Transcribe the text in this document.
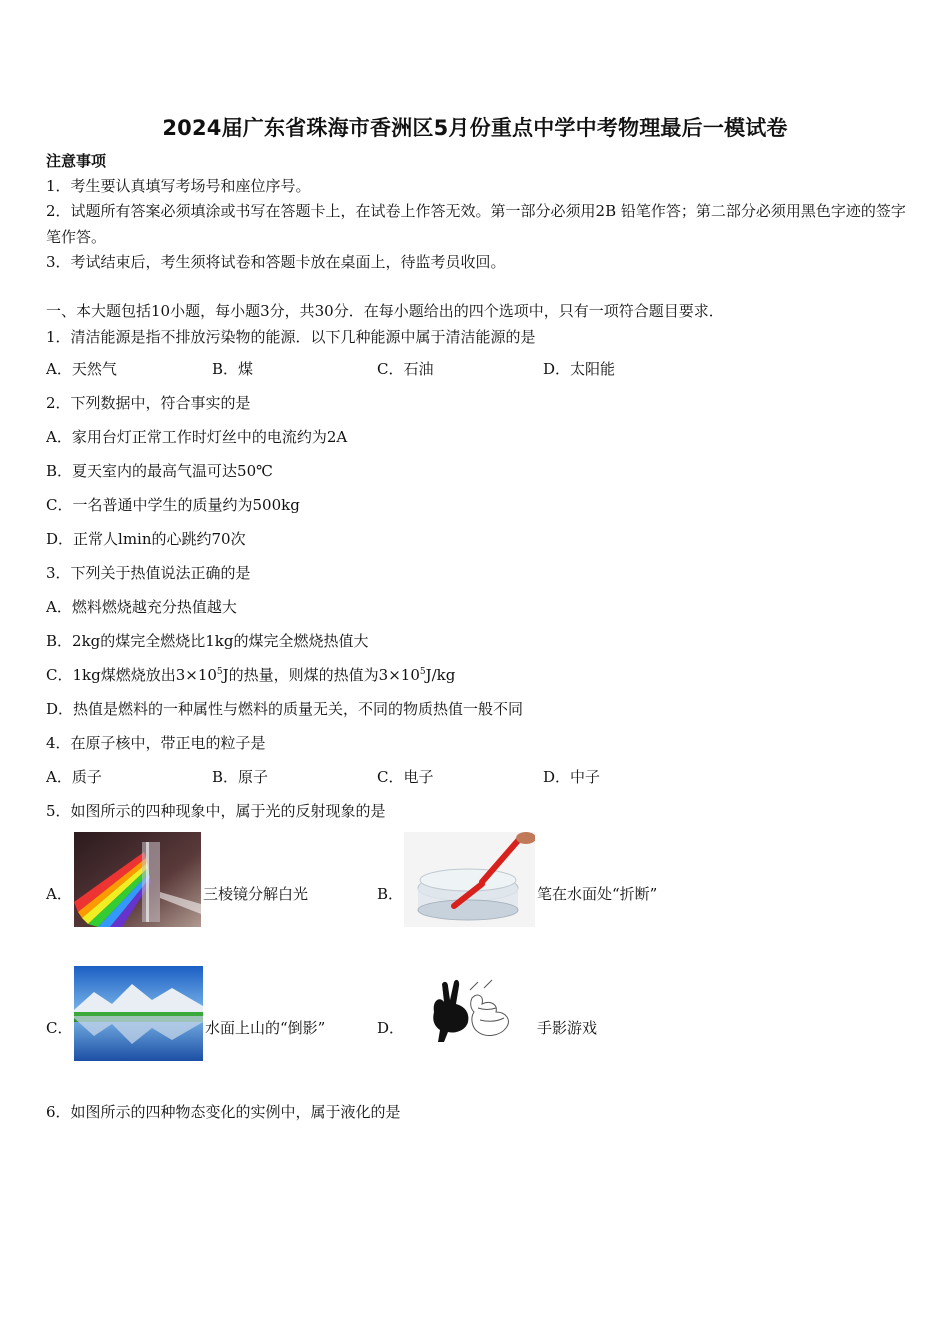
2024届广东省珠海市香洲区5月份重点中学中考物理最后一模试卷
注意事项
1．考生要认真填写考场号和座位序号。
2．试题所有答案必须填涂或书写在答题卡上，在试卷上作答无效。第一部分必须用2B 铅笔作答；第二部分必须用黑色字迹的签字笔作答。
3．考试结束后，考生须将试卷和答题卡放在桌面上，待监考员收回。
一、本大题包括10小题，每小题3分，共30分．在每小题给出的四个选项中，只有一项符合题目要求．
1．清洁能源是指不排放污染物的能源．以下几种能源中属于清洁能源的是
A．天然气	B．煤	C．石油	D．太阳能
2．下列数据中，符合事实的是
A．家用台灯正常工作时灯丝中的电流约为2A
B．夏天室内的最高气温可达50℃
C．一名普通中学生的质量约为500kg
D．正常人lmin的心跳约70次
3．下列关于热值说法正确的是
A．燃料燃烧越充分热值越大
B．2kg的煤完全燃烧比1kg的煤完全燃烧热值大
C．1kg煤燃烧放出$3\times 10^5J$的热量，则煤的热值为$3\times 10^5J/kg$
D．热值是燃料的一种属性与燃料的质量无关，不同的物质热值一般不同
4．在原子核中，带正电的粒子是
A．质子	B．原子	C．电子	D．中子
5．如图所示的四种现象中，属于光的反射现象的是
A．	三棱镜分解白光	B．	笔在水面处“折断”
C．	水面上山的“倒影”	D．	手影游戏
6．如图所示的四种物态变化的实例中，属于液化的是
